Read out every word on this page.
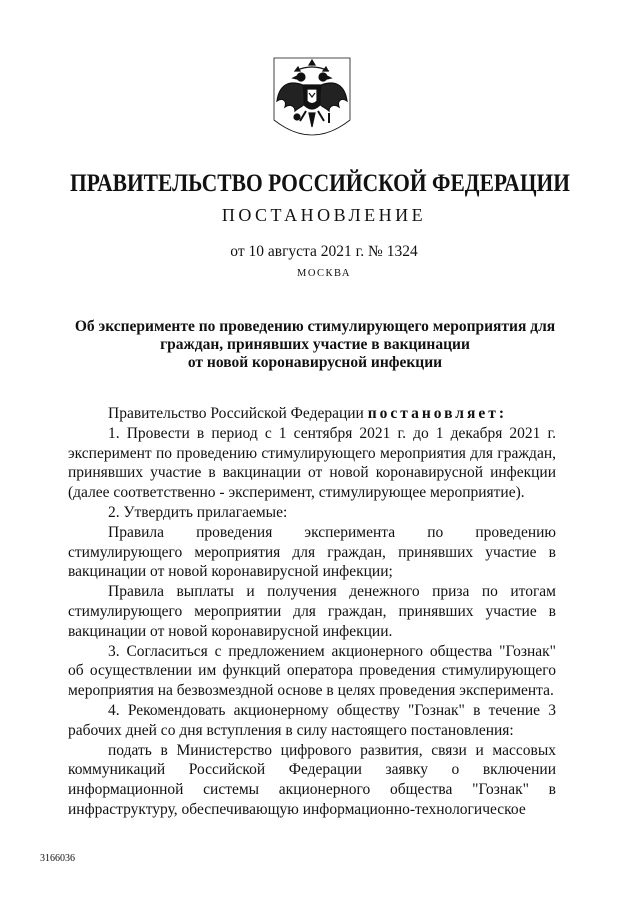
ПРАВИТЕЛЬСТВО РОССИЙСКОЙ ФЕДЕРАЦИИ
ПОСТАНОВЛЕНИЕ
от 10 августа 2021 г. № 1324
МОСКВА
Об эксперименте по проведению стимулирующего мероприятия для
граждан, принявших участие в вакцинации
от новой коронавирусной инфекции

Правительство Российской Федерации постановляет:

1. Провести в период с 1 сентября 2021 г. до 1 декабря 2021 г. эксперимент по проведению стимулирующего мероприятия для граждан, принявших участие в вакцинации от новой коронавирусной инфекции (далее соответственно - эксперимент, стимулирующее мероприятие).

2. Утвердить прилагаемые:

Правила проведения эксперимента по проведению стимулирующего мероприятия для граждан, принявших участие в вакцинации от новой коронавирусной инфекции;

Правила выплаты и получения денежного приза по итогам стимулирующего мероприятии для граждан, принявших участие в вакцинации от новой коронавирусной инфекции.

3. Согласиться с предложением акционерного общества "Гознак" об осуществлении им функций оператора проведения стимулирующего мероприятия на безвозмездной основе в целях проведения эксперимента.

4. Рекомендовать акционерному обществу "Гознак" в течение 3 рабочих дней со дня вступления в силу настоящего постановления:

подать в Министерство цифрового развития, связи и массовых коммуникаций Российской Федерации заявку о включении информационной системы акционерного общества "Гознак" в инфраструктуру, обеспечивающую информационно-технологическое

3166036
